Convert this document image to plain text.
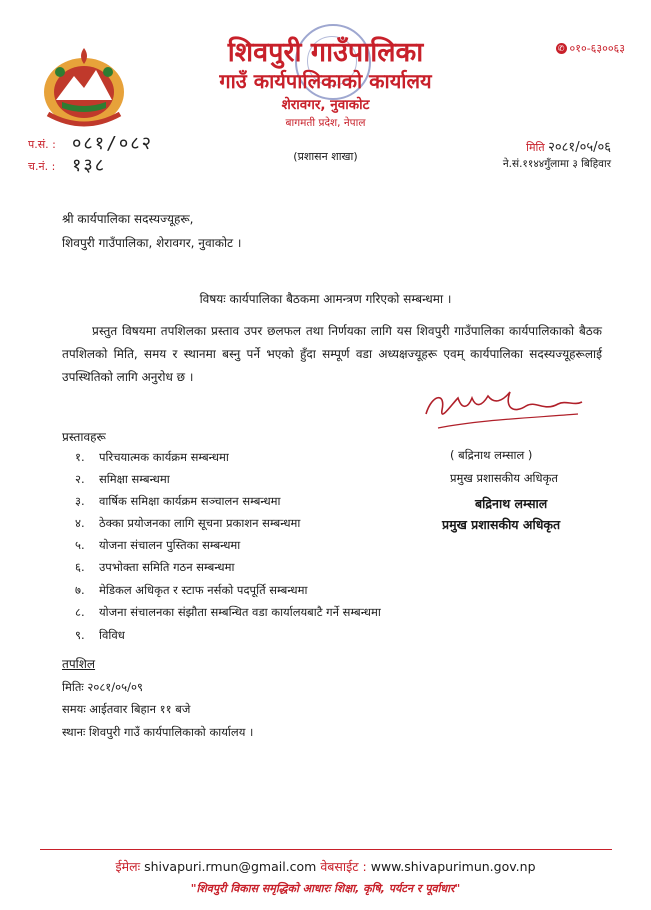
शिवपुरी गाउँपालिका
गाउँ कार्यपालिकाको कार्यालय
शेरावगर, नुवाकोट
बागमती प्रदेश, नेपाल
✆ ०१०-६३००६३
प.सं. : ०८१/०८२
च.नं. : १३८	(प्रशासन शाखा)
मिति २०८१/०५/०६
ने.सं.११४४गुँलामा ३ बिहिवार
श्री कार्यपालिका सदस्यज्यूहरू,
शिवपुरी गाउँपालिका, शेरावगर, नुवाकोट ।
विषयः कार्यपालिका बैठकमा आमन्त्रण गरिएको सम्बन्धमा ।
प्रस्तुत विषयमा तपशिलका प्रस्ताव उपर छलफल तथा निर्णयका लागि यस शिवपुरी गाउँपालिका कार्यपालिकाको बैठक तपशिलको मिति, समय र स्थानमा बस्नु पर्ने भएको हुँदा सम्पूर्ण वडा अध्यक्षज्यूहरू एवम् कार्यपालिका सदस्यज्यूहरूलाई उपस्थितिको लागि अनुरोध छ ।
प्रस्तावहरू
१. परिचयात्मक कार्यक्रम सम्बन्धमा
२. समिक्षा सम्बन्धमा
३. वार्षिक समिक्षा कार्यक्रम सञ्चालन सम्बन्धमा
४. ठेक्का प्रयोजनका लागि सूचना प्रकाशन सम्बन्धमा
५. योजना संचालन पुस्तिका सम्बन्धमा
६. उपभोक्ता समिति गठन सम्बन्धमा
७. मेडिकल अधिकृत र स्टाफ नर्सको पदपूर्ति सम्बन्धमा
८. योजना संचालनका संझौता सम्बन्धित वडा कार्यालयबाटै गर्ने सम्बन्धमा
९. विविध
( बद्रिनाथ लम्साल )
प्रमुख प्रशासकीय अधिकृत
बद्रिनाथ लम्साल
प्रमुख प्रशासकीय अधिकृत
तपशिल
मितिः २०८१/०५/०९
समयः आईतवार बिहान ११ बजे
स्थानः शिवपुरी गाउँ कार्यपालिकाको कार्यालय ।
ईमेलः shivapuri.rmun@gmail.com वेबसाईट : www.shivapurimun.gov.np
"शिवपुरी विकास समृद्धिको आधारः शिक्षा, कृषि, पर्यटन र पूर्वाधार"
